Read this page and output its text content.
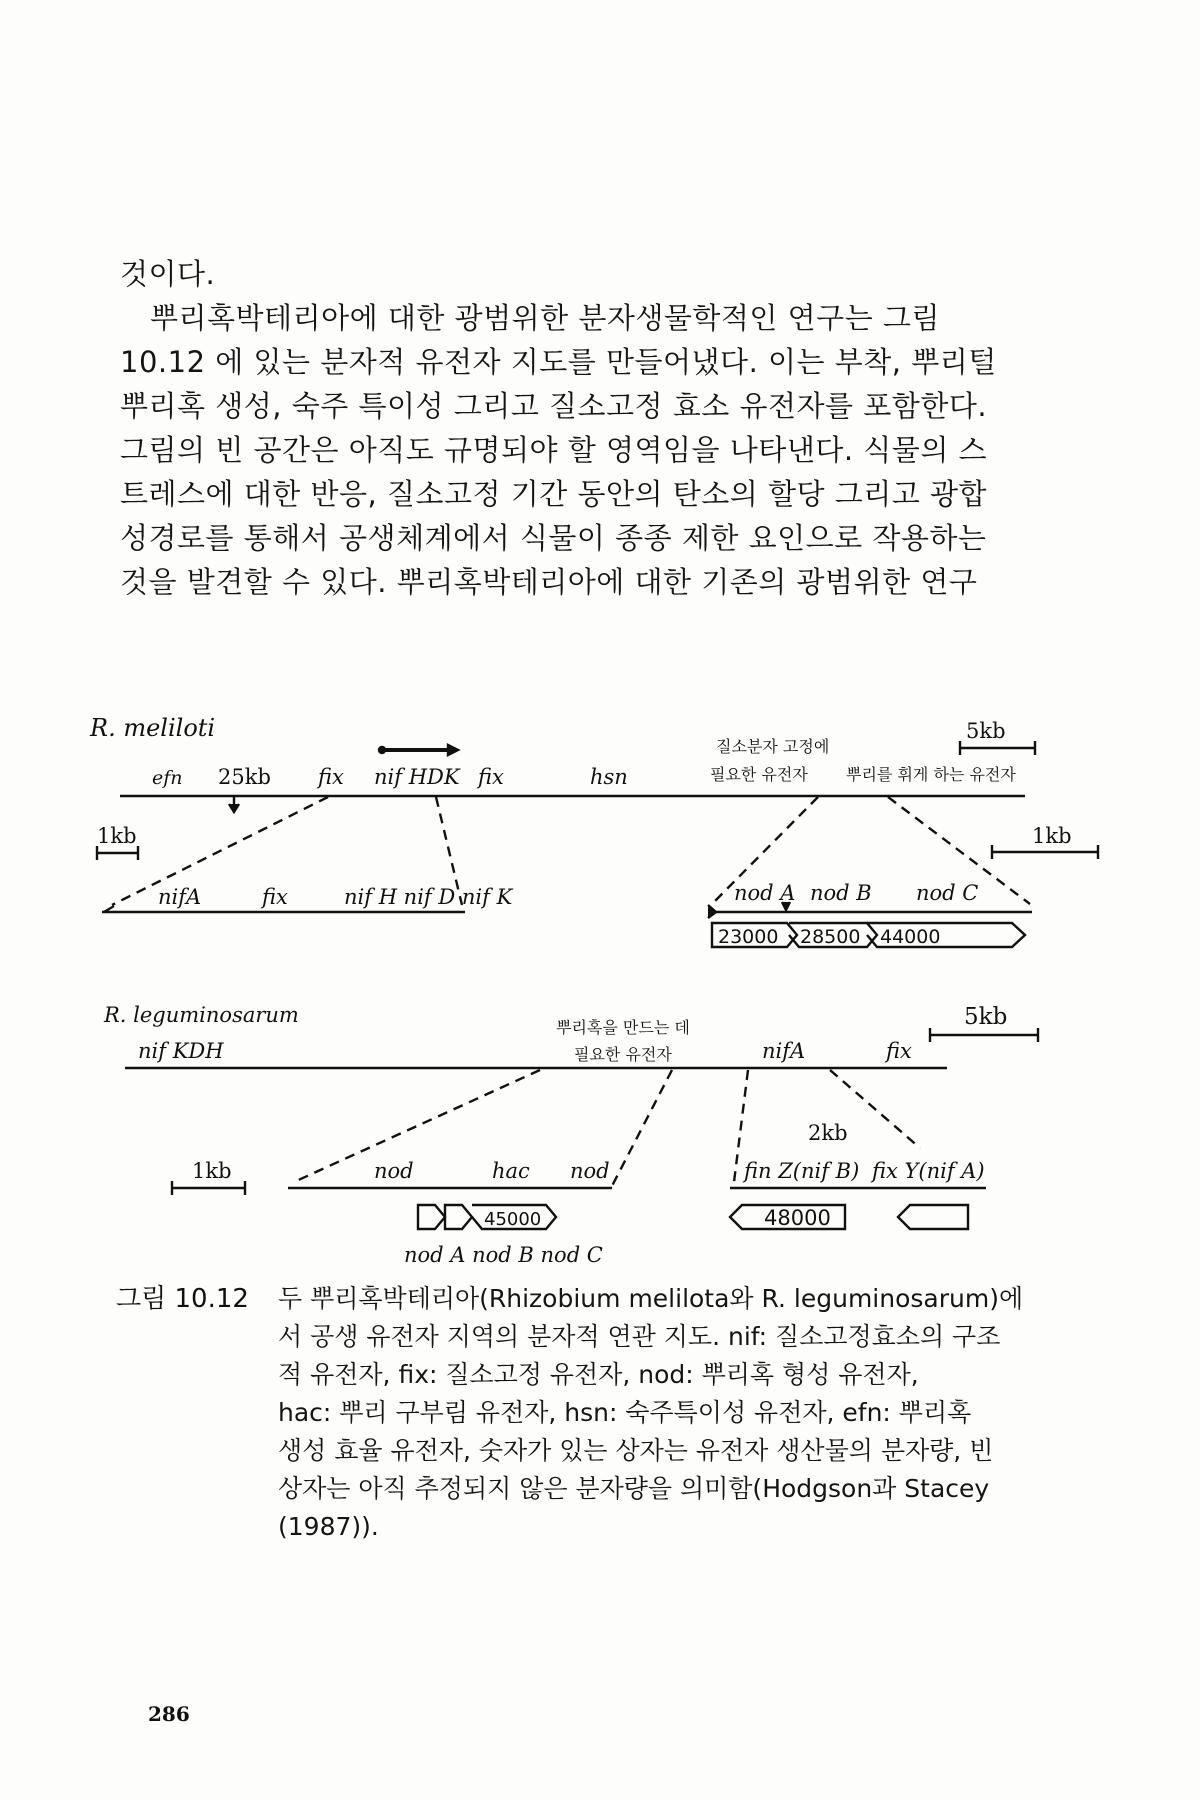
것이다.
뿌리혹박테리아에 대한 광범위한 분자생물학적인 연구는 그림
10.12 에 있는 분자적 유전자 지도를 만들어냈다. 이는 부착, 뿌리털
뿌리혹 생성, 숙주 특이성 그리고 질소고정 효소 유전자를 포함한다.
그림의 빈 공간은 아직도 규명되야 할 영역임을 나타낸다. 식물의 스
트레스에 대한 반응, 질소고정 기간 동안의 탄소의 할당 그리고 광합
성경로를 통해서 공생체계에서 식물이 종종 제한 요인으로 작용하는
것을 발견할 수 있다. 뿌리혹박테리아에 대한 기존의 광범위한 연구
R. meliloti
efn 25kb fix nif HDK fix	hsn
질소분자 고정에
필요한 유전자 뿌리를 휘게 하는 유전자
5kb
1kb	1kb
nifA	fix	nif H nif D nif K	nod A nod B nod C
23000 28500 44000
R. leguminosarum
nif KDH
뿌리혹을 만드는 데
필요한 유전자	nifA	fix
5kb
2kb
1kb	nod	hac nod	fin Z(nif B) fix Y(nif A)
45000	48000
nod A nod B nod C
그림 10.12 두 뿌리혹박테리아(Rhizobium melilota와 R. leguminosarum)에
서 공생 유전자 지역의 분자적 연관 지도. nif: 질소고정효소의 구조
적 유전자, fix: 질소고정 유전자, nod: 뿌리혹 형성 유전자,
hac: 뿌리 구부림 유전자, hsn: 숙주특이성 유전자, efn: 뿌리혹
생성 효율 유전자, 숫자가 있는 상자는 유전자 생산물의 분자량, 빈
상자는 아직 추정되지 않은 분자량을 의미함(Hodgson과 Stacey
(1987)).
286
